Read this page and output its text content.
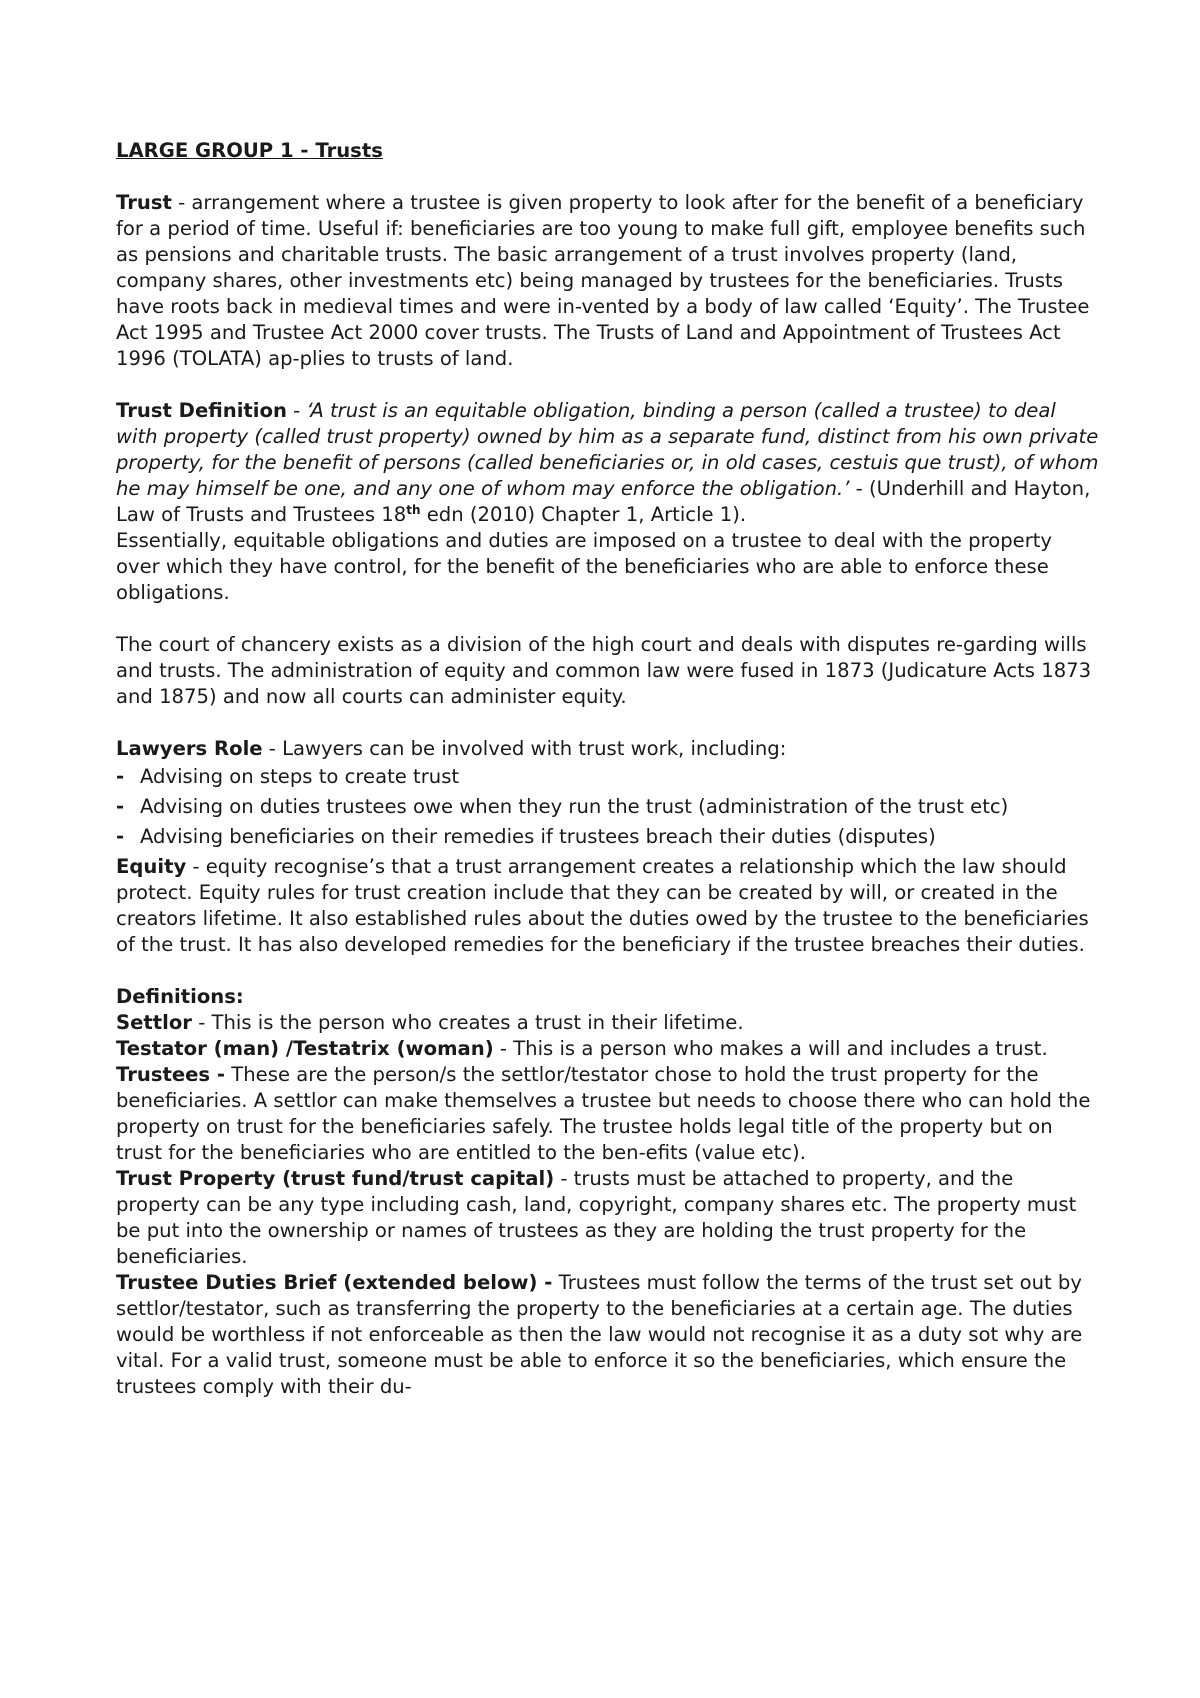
LARGE GROUP 1 - Trusts

Trust - arrangement where a trustee is given property to look after for the benefit of a beneficiary for a period of time. Useful if: beneficiaries are too young to make full gift, employee benefits such as pensions and charitable trusts. The basic arrangement of a trust involves property (land, company shares, other investments etc) being managed by trustees for the beneficiaries. Trusts have roots back in medieval times and were in-vented by a body of law called ‘Equity’. The Trustee Act 1995 and Trustee Act 2000 cover trusts. The Trusts of Land and Appointment of Trustees Act 1996 (TOLATA) ap-plies to trusts of land.

Trust Definition - ‘A trust is an equitable obligation, binding a person (called a trustee) to deal with property (called trust property) owned by him as a separate fund, distinct from his own private property, for the benefit of persons (called beneficiaries or, in old cases, cestuis que trust), of whom he may himself be one, and any one of whom may enforce the obligation.’ - (Underhill and Hayton, Law of Trusts and Trustees 18th edn (2010) Chapter 1, Article 1).

Essentially, equitable obligations and duties are imposed on a trustee to deal with the property over which they have control, for the benefit of the beneficiaries who are able to enforce these obligations.

The court of chancery exists as a division of the high court and deals with disputes re-garding wills and trusts. The administration of equity and common law were fused in 1873 (Judicature Acts 1873 and 1875) and now all courts can administer equity.

Lawyers Role - Lawyers can be involved with trust work, including:

- Advising on steps to create trust
- Advising on duties trustees owe when they run the trust (administration of the trust etc)
- Advising beneficiaries on their remedies if trustees breach their duties (disputes)

Equity - equity recognise’s that a trust arrangement creates a relationship which the law should protect. Equity rules for trust creation include that they can be created by will, or created in the creators lifetime. It also established rules about the duties owed by the trustee to the beneficiaries of the trust. It has also developed remedies for the beneficiary if the trustee breaches their duties.

Definitions:

Settlor - This is the person who creates a trust in their lifetime.

Testator (man) /Testatrix (woman) - This is a person who makes a will and includes a trust.

Trustees - These are the person/s the settlor/testator chose to hold the trust property for the beneficiaries. A settlor can make themselves a trustee but needs to choose there who can hold the property on trust for the beneficiaries safely. The trustee holds legal title of the property but on trust for the beneficiaries who are entitled to the ben-efits (value etc).

Trust Property (trust fund/trust capital) - trusts must be attached to property, and the property can be any type including cash, land, copyright, company shares etc. The property must be put into the ownership or names of trustees as they are holding the trust property for the beneficiaries.

Trustee Duties Brief (extended below) - Trustees must follow the terms of the trust set out by settlor/testator, such as transferring the property to the beneficiaries at a certain age. The duties would be worthless if not enforceable as then the law would not recognise it as a duty sot why are vital. For a valid trust, someone must be able to enforce it so the beneficiaries, which ensure the trustees comply with their du-
